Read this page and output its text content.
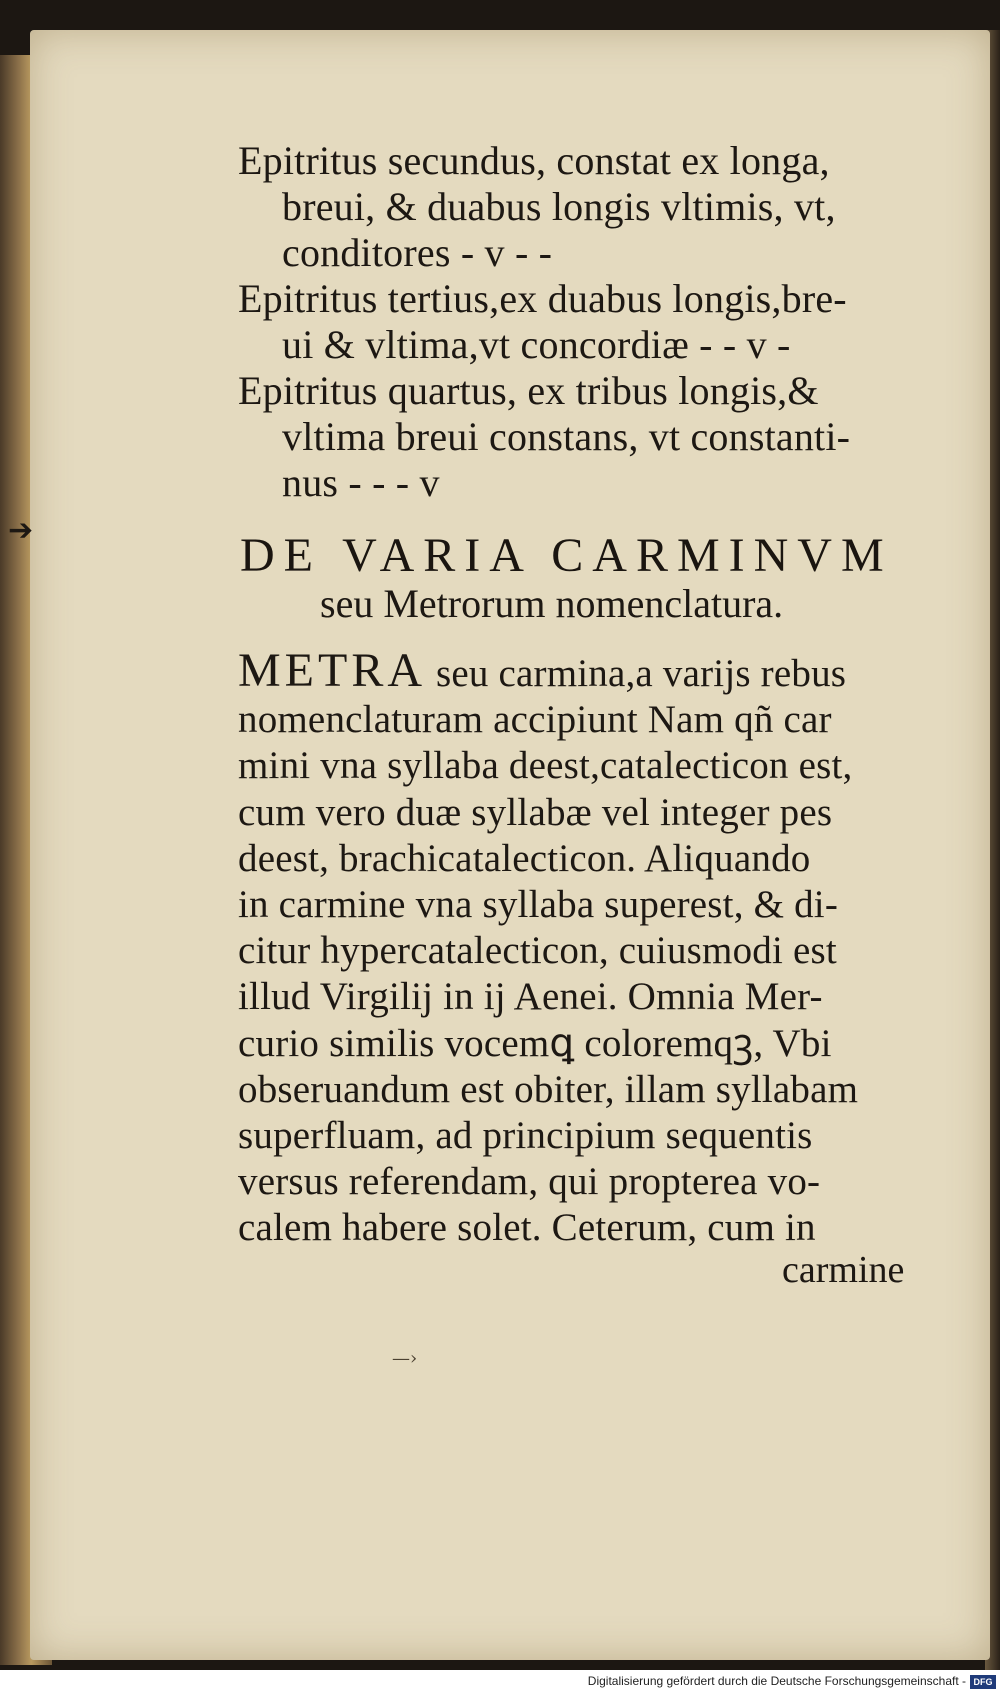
➔
Epitritus secundus, constat ex longa,
breui, & duabus longis vltimis, vt,
conditores - v - -
Epitritus tertius,ex duabus longis,bre-
ui & vltima,vt concordiæ - - v -
Epitritus quartus, ex tribus longis,&
vltima breui constans, vt constanti-
nus - - - v
DE VARIA CARMINVM
seu Metrorum nomenclatura.
METRA seu carmina,a varijs rebus
nomenclaturam accipiunt Nam qñ car
mini vna syllaba deest,catalecticon est,
cum vero duæ syllabæ vel integer pes
deest, brachicatalecticon. Aliquando
in carmine vna syllaba superest, & di-
citur hypercatalecticon, cuiusmodi est
illud Virgilij in ij Aenei. Omnia Mer-
curio similis vocemꝗ coloremqꝫ, Vbi
obseruandum est obiter, illam syllabam
superfluam, ad principium sequentis
versus referendam, qui propterea vo-
calem habere solet. Ceterum, cum in
carmine
—›
Digitalisierung gefördert durch die Deutsche Forschungsgemeinschaft - DFG
